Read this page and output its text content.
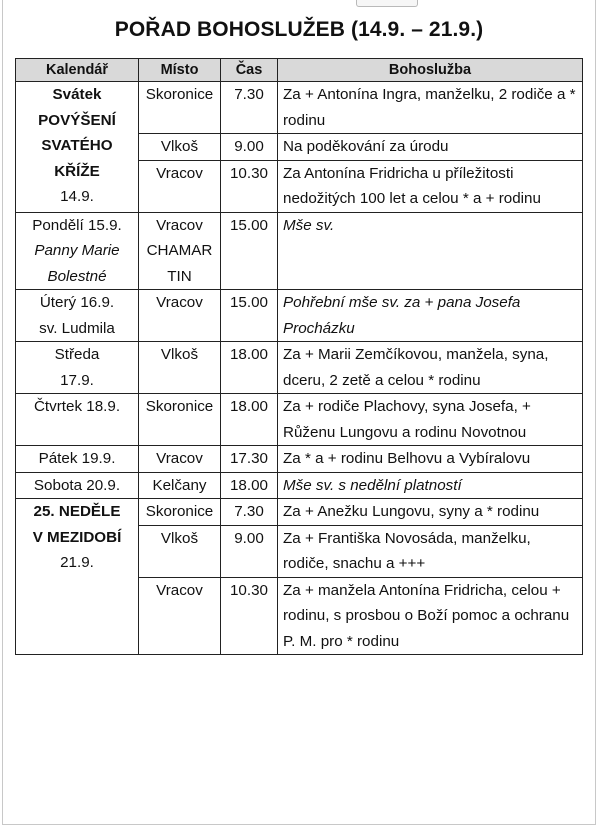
POŘAD BOHOSLUŽEB (14.9. – 21.9.)
Kalendář	Místo	Čas	Bohoslužba

Svátek
POVÝŠENÍ
SVATÉHO
KŘÍŽE
14.9.	Skoronice	7.30	Za + Antonína Ingra, manželku, 2 rodiče a * rodinu
	Vlkoš	9.00	Na poděkování za úrodu
	Vracov	10.30	Za Antonína Fridricha u příležitosti nedožitých 100 let a celou * a + rodinu

Pondělí 15.9.
Panny Marie
Bolestné	Vracov CHAMAR TIN	15.00	Mše sv.

Úterý 16.9.
sv. Ludmila	Vracov	15.00	Pohřební mše sv. za + pana Josefa Procházku

Středa
17.9.	Vlkoš	18.00	Za + Marii Zemčíkovou, manžela, syna, dceru, 2 zetě a celou * rodinu

Čtvrtek 18.9.	Skoronice	18.00	Za + rodiče Plachovy, syna Josefa, + Růženu Lungovu a rodinu Novotnou

Pátek 19.9.	Vracov	17.30	Za * a + rodinu Belhovu a Vybíralovu

Sobota 20.9.	Kelčany	18.00	Mše sv. s nedělní platností

25. NEDĚLE
V MEZIDOBÍ
21.9.	Skoronice	7.30	Za + Anežku Lungovu, syny a * rodinu
	Vlkoš	9.00	Za + Františka Novosáda, manželku, rodiče, snachu a +++
	Vracov	10.30	Za + manžela Antonína Fridricha, celou + rodinu, s prosbou o Boží pomoc a ochranu P. M. pro * rodinu
